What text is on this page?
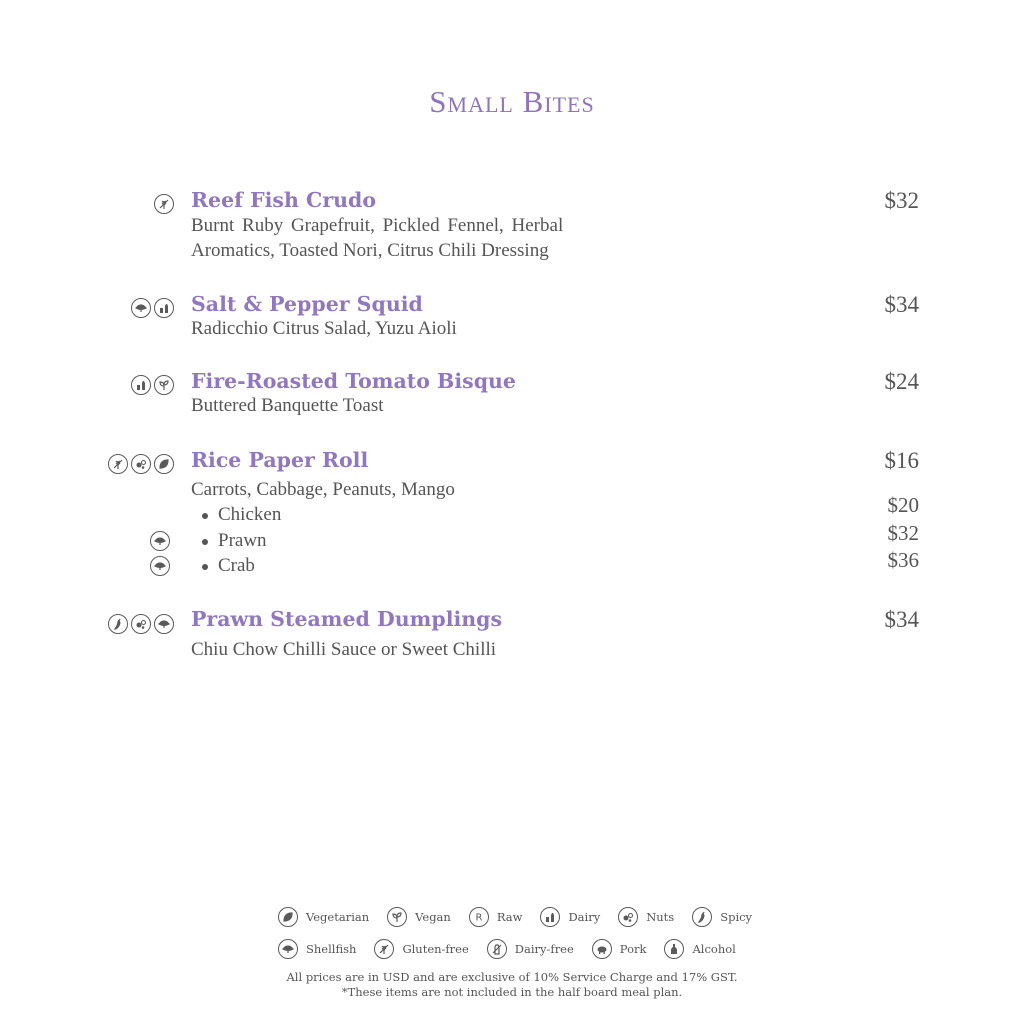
Small Bites
Reef Fish Crudo	$32
Burnt Ruby Grapefruit, Pickled Fennel, Herbal
Aromatics, Toasted Nori, Citrus Chili Dressing
Salt & Pepper Squid	$34
Radicchio Citrus Salad, Yuzu Aioli
Fire-Roasted Tomato Bisque	$24
Buttered Banquette Toast
Rice Paper Roll	$16
Carrots, Cabbage, Peanuts, Mango
Chicken	$20
Prawn	$32
Crab	$36
Prawn Steamed Dumplings	$34
Chiu Chow Chilli Sauce or Sweet Chilli
Vegetarian	Vegan R Raw	Dairy	Nuts	Spicy
Shellfish	Gluten-free	Dairy-free	Pork	Alcohol
All prices are in USD and are exclusive of 10% Service Charge and 17% GST.
*These items are not included in the half board meal plan.
